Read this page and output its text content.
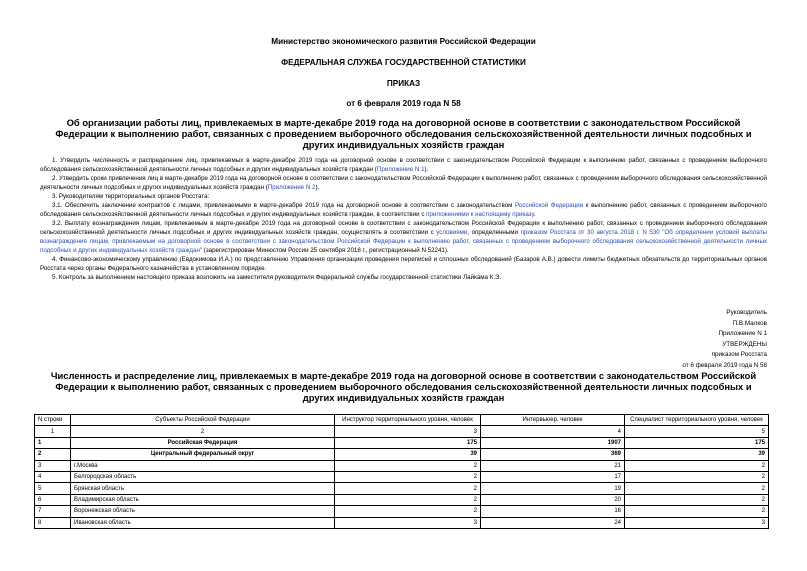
Министерство экономического развития Российской Федерации
ФЕДЕРАЛЬНАЯ СЛУЖБА ГОСУДАРСТВЕННОЙ СТАТИСТИКИ
ПРИКАЗ
от 6 февраля 2019 года N 58
Об организации работы лиц, привлекаемых в марте-декабре 2019 года на договорной основе в соответствии с законодательством Российской Федерации к выполнению работ, связанных с проведением выборочного обследования сельскохозяйственной деятельности личных подсобных и других индивидуальных хозяйств граждан

1. Утвердить численность и распределение лиц, привлекаемых в марте-декабре 2019 года на договорной основе в соответствии с законодательством Российской Федерации к выполнению работ, связанных с проведением выборочного обследования сельскохозяйственной деятельности личных подсобных и других индивидуальных хозяйств граждан (Приложение N 1).

2. Утвердить сроки привлечения лиц в марте-декабре 2019 года на договорной основе в соответствии с законодательством Российской Федерации к выполнению работ, связанных с проведением выборочного обследования сельскохозяйственной деятельности личных подсобных и других индивидуальных хозяйств граждан (Приложение N 2).

3. Руководителям территориальных органов Росстата:

3.1. Обеспечить заключение контрактов с лицами, привлекаемыми в марте-декабре 2019 года на договорной основе в соответствии с законодательством Российской Федерации к выполнению работ, связанных с проведением выборочного обследования сельскохозяйственной деятельности личных подсобных и других индивидуальных хозяйств граждан, в соответствии с приложениями к настоящему приказу.

3.2. Выплату вознаграждения лицам, привлекаемым в марте-декабре 2019 года на договорной основе в соответствии с законодательством Российской Федерации к выполнению работ, связанных с проведением выборочного обследования сельскохозяйственной деятельности личных подсобных и других индивидуальных хозяйств граждан, осуществлять в соответствии с условиями, определенными приказом Росстата от 30 августа 2018 г. N 530 "Об определении условий выплаты вознаграждения лицам, привлекаемым на договорной основе в соответствии с законодательством Российской Федерации к выполнению работ, связанных с проведением выборочного обследования сельскохозяйственной деятельности личных подсобных и других индивидуальных хозяйств граждан" (зарегистрирован Минюстом России 25 сентября 2018 г., регистрационный N 52241).

4. Финансово-экономическому управлению (Евдокимова И.А.) по представлению Управления организации проведения переписей и сплошных обследований (Базаров А.В.) довести лимиты бюджетных обязательств до территориальных органов Росстата через органы Федерального казначейства в установленном порядке.

5. Контроль за выполнением настоящего приказа возложить на заместителя руководителя Федеральной службы государственной статистики Лайкама К.Э.

Руководитель
П.В.Малков
Приложение N 1
УТВЕРЖДЕНЫ
приказом Росстата
от 6 февраля 2019 года N 58
Численность и распределение лиц, привлекаемых в марте-декабре 2019 года на договорной основе в соответствии с законодательством Российской Федерации к выполнению работ, связанных с проведением выборочного обследования сельскохозяйственной деятельности личных подсобных и других индивидуальных хозяйств граждан
N строки	Субъекты Российской Федерации	Инструктор территориального уровня, человек	Интервьюер, человек	Специалист территориального уровня, человек
1	2	3	4	5
1	Российская Федерация	175	1907	175
2	Центральный федеральный округ	39	369	39
3	г.Москва	2	21	2
4	Белгородская область	2	17	2
5	Брянская область	2	19	2
6	Владимирская область	2	20	2
7	Воронежская область	2	16	2
8	Ивановская область	3	24	3
